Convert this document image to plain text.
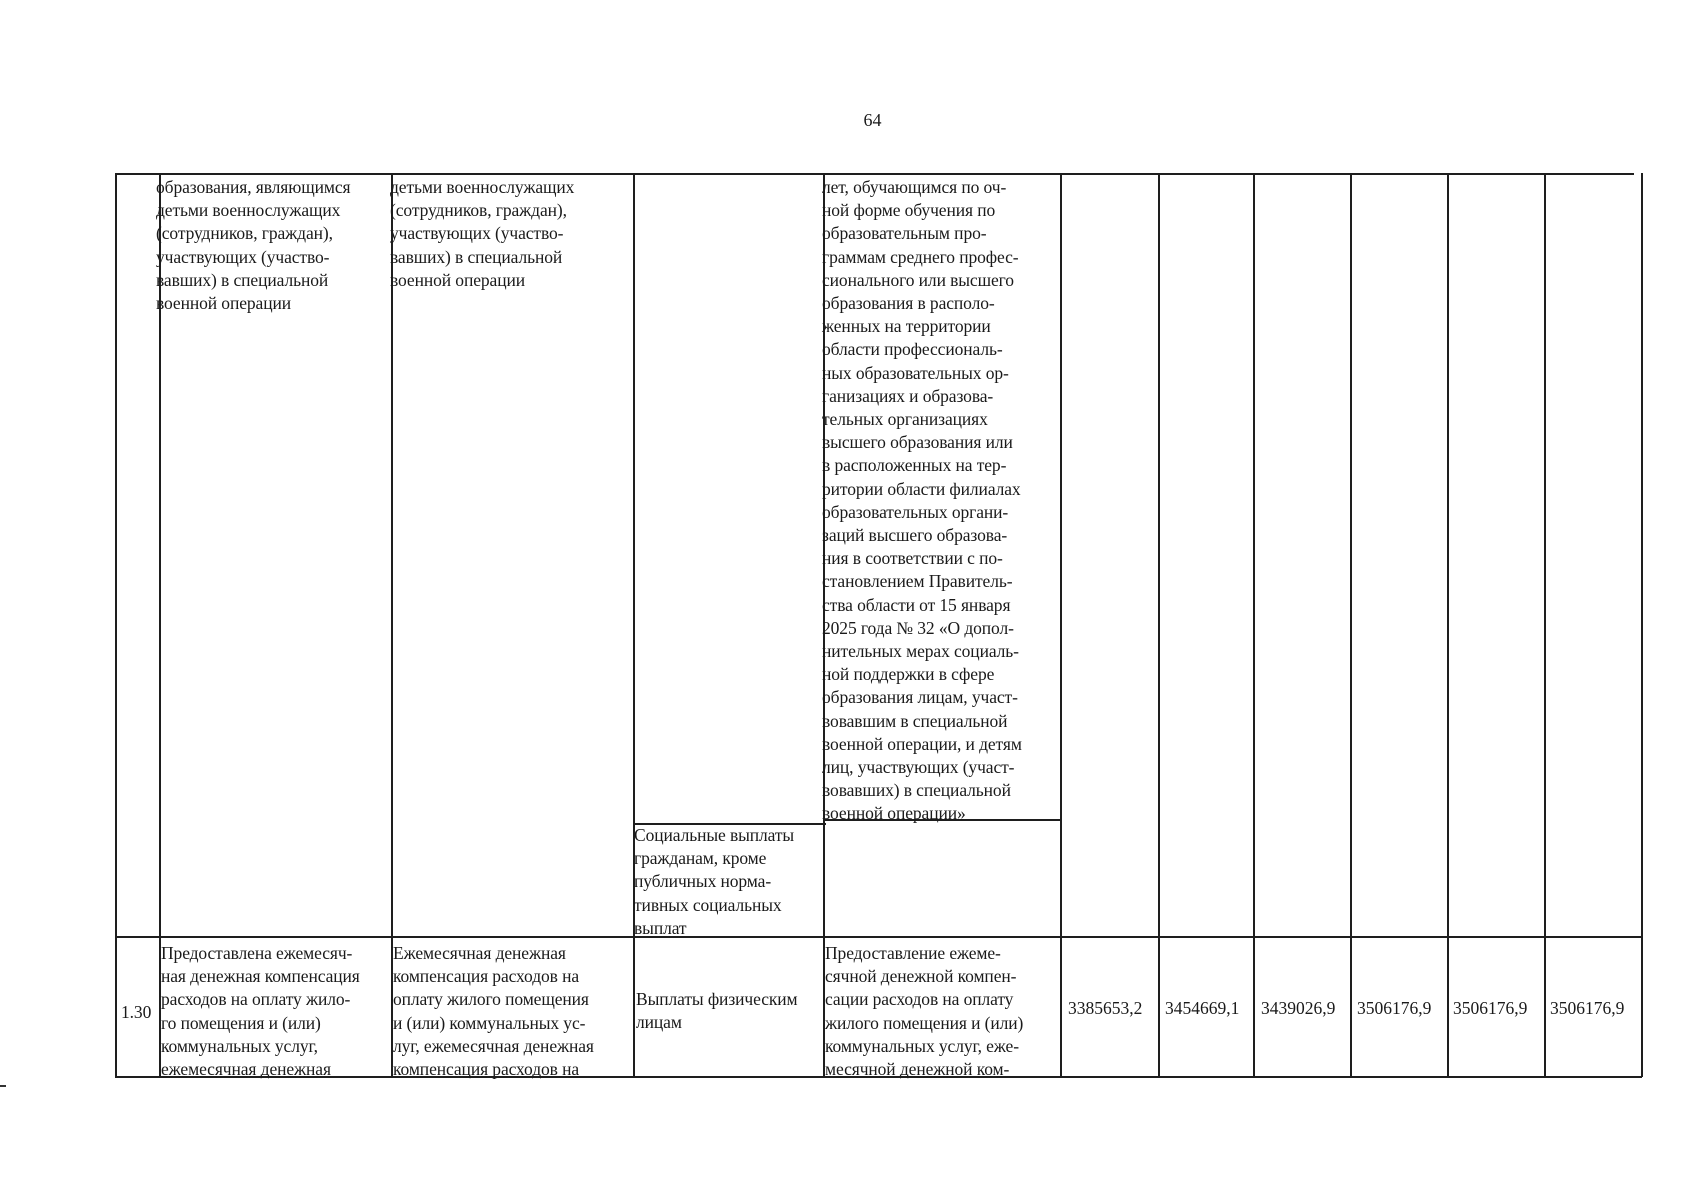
64
образования, являющимся
детьми военнослужащих
(сотрудников, граждан),
участвующих (участво-
вавших) в специальной
военной операции
детьми военнослужащих
(сотрудников, граждан),
участвующих (участво-
вавших) в специальной
военной операции
лет, обучающимся по оч-
ной форме обучения по
образовательным про-
граммам среднего профес-
сионального или высшего
образования в располо-
женных на территории
области профессиональ-
ных образовательных ор-
ганизациях и образова-
тельных организациях
высшего образования или
в расположенных на тер-
ритории области филиалах
образовательных органи-
заций высшего образова-
ния в соответствии с по-
становлением Правитель-
ства области от 15 января
2025 года № 32 «О допол-
нительных мерах социаль-
ной поддержки в сфере
образования лицам, участ-
вовавшим в специальной
военной операции, и детям
лиц, участвующих (участ-
вовавших) в специальной
военной операции»
Социальные выплаты
гражданам, кроме
публичных норма-
тивных социальных
выплат
1.30
Предоставлена ежемесяч-
ная денежная компенсация
расходов на оплату жило-
го помещения и (или)
коммунальных услуг,
ежемесячная денежная
Ежемесячная денежная
компенсация расходов на
оплату жилого помещения
и (или) коммунальных ус-
луг, ежемесячная денежная
компенсация расходов на
Выплаты физическим
лицам
Предоставление ежеме-
сячной денежной компен-
сации расходов на оплату
жилого помещения и (или)
коммунальных услуг, еже-
месячной денежной ком-
3385653,2 3454669,1 3439026,9 3506176,9 3506176,9 3506176,9
